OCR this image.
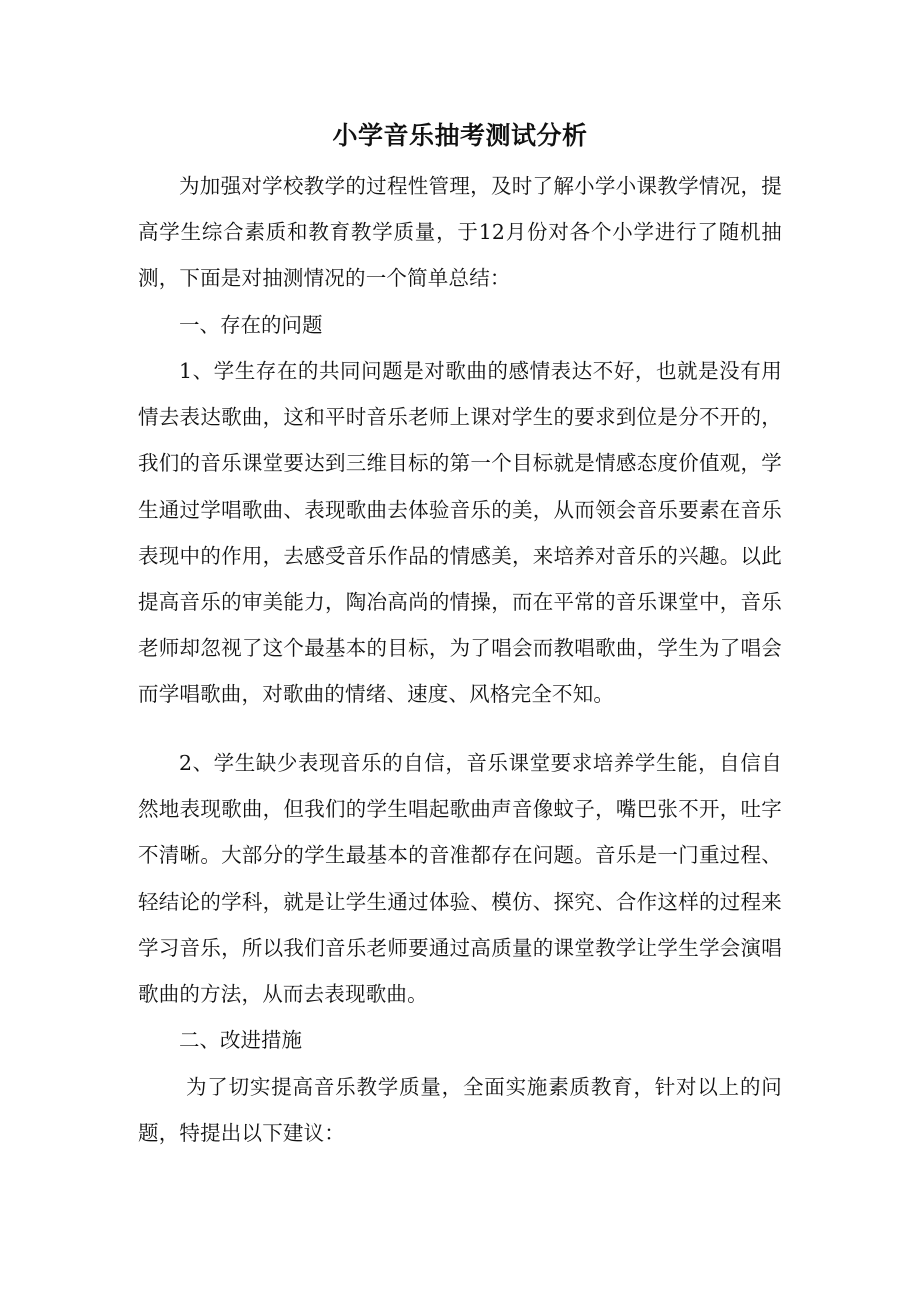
小学音乐抽考测试分析

为加强对学校教学的过程性管理，及时了解小学小课教学情况，提高学生综合素质和教育教学质量，于12月份对各个小学进行了随机抽测，下面是对抽测情况的一个简单总结：

一、存在的问题

1、学生存在的共同问题是对歌曲的感情表达不好，也就是没有用情去表达歌曲，这和平时音乐老师上课对学生的要求到位是分不开的，我们的音乐课堂要达到三维目标的第一个目标就是情感态度价值观，学生通过学唱歌曲、表现歌曲去体验音乐的美，从而领会音乐要素在音乐表现中的作用，去感受音乐作品的情感美，来培养对音乐的兴趣。以此提高音乐的审美能力，陶冶高尚的情操，而在平常的音乐课堂中，音乐老师却忽视了这个最基本的目标，为了唱会而教唱歌曲，学生为了唱会而学唱歌曲，对歌曲的情绪、速度、风格完全不知。

2、学生缺少表现音乐的自信，音乐课堂要求培养学生能，自信自然地表现歌曲，但我们的学生唱起歌曲声音像蚊子，嘴巴张不开，吐字不清晰。大部分的学生最基本的音准都存在问题。音乐是一门重过程、轻结论的学科，就是让学生通过体验、模仿、探究、合作这样的过程来学习音乐，所以我们音乐老师要通过高质量的课堂教学让学生学会演唱歌曲的方法，从而去表现歌曲。

二、改进措施

为了切实提高音乐教学质量，全面实施素质教育，针对以上的问题，特提出以下建议：
